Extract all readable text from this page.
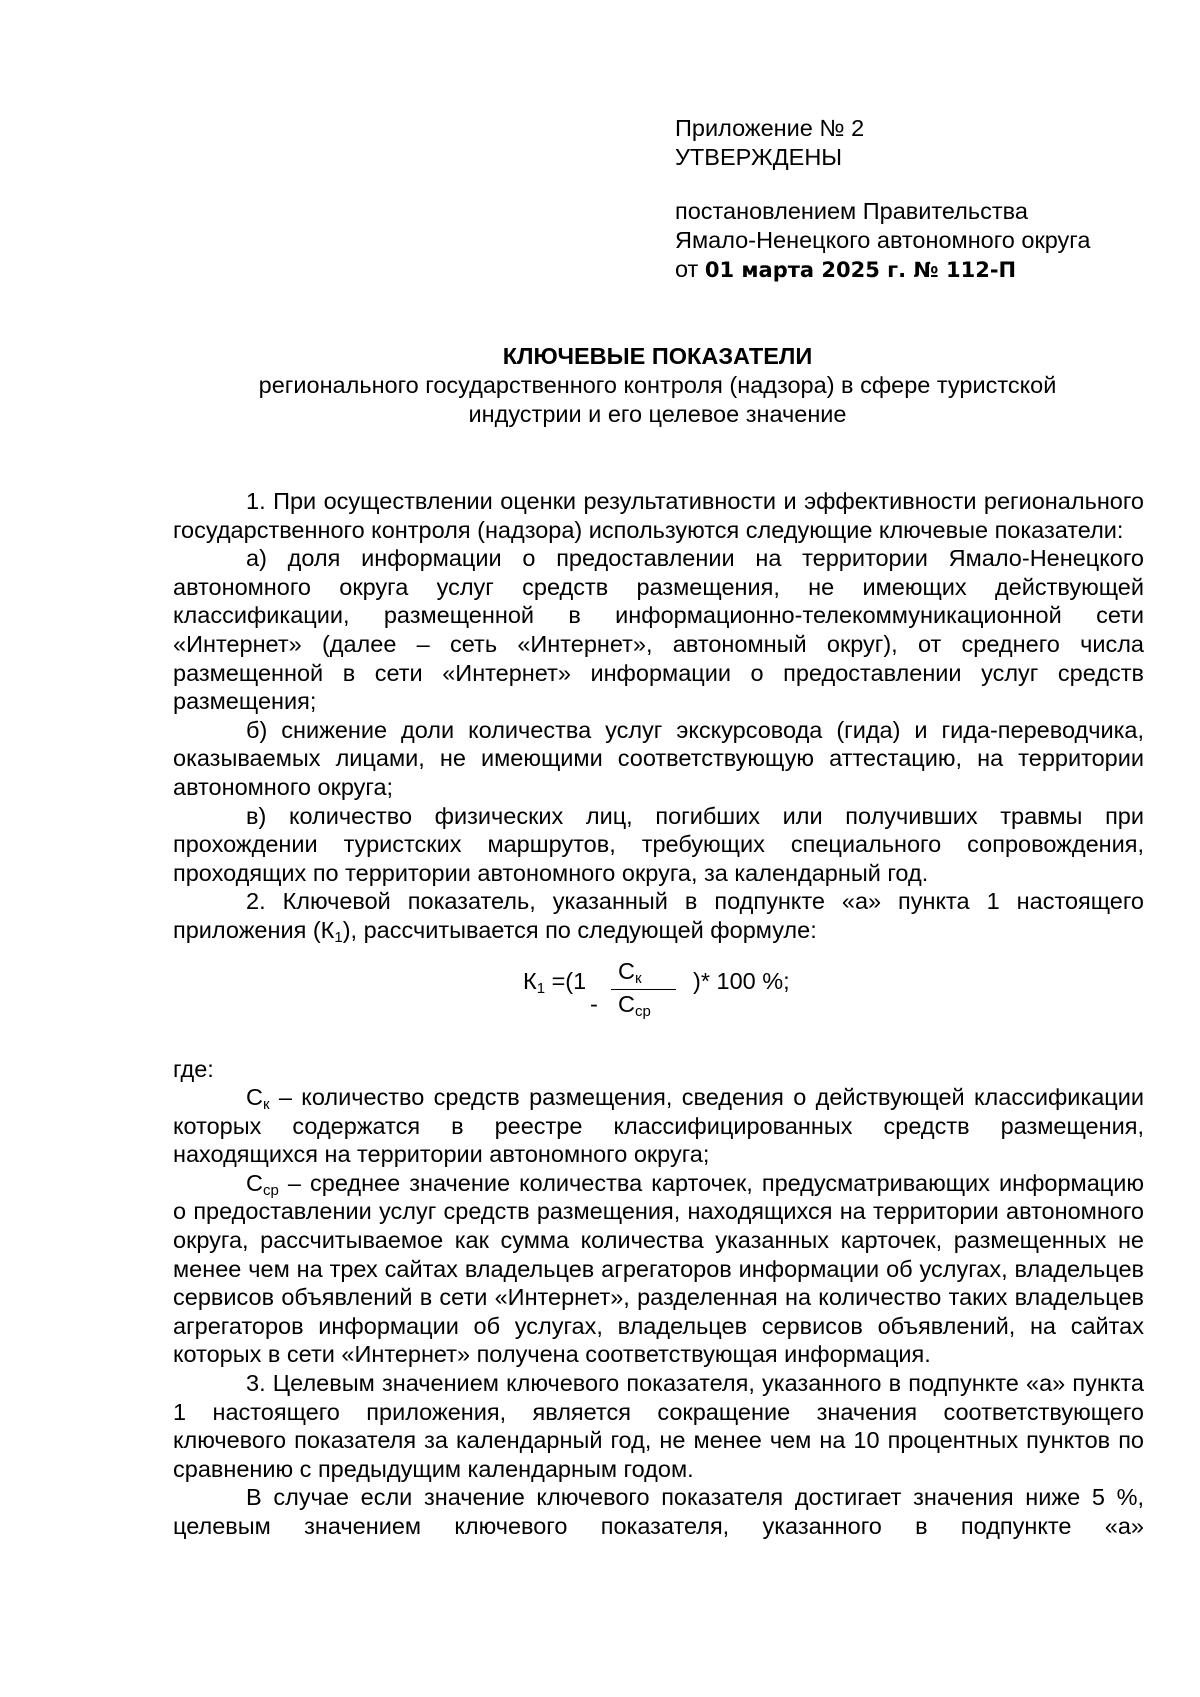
Приложение № 2
УТВЕРЖДЕНЫ
постановлением Правительства
Ямало-Ненецкого автономного округа
от 01 марта 2025 г. № 112-П
КЛЮЧЕВЫЕ ПОКАЗАТЕЛИ
регионального государственного контроля (надзора) в сфере туристской
индустрии и его целевое значение

1. При осуществлении оценки результативности и эффективности регионального государственного контроля (надзора) используются следующие ключевые показатели:

а) доля информации о предоставлении на территории Ямало-Ненецкого автономного округа услуг средств размещения, не имеющих действующей классификации, размещенной в информационно-телекоммуникационной сети «Интернет» (далее – сеть «Интернет», автономный округ), от среднего числа размещенной в сети «Интернет» информации о предоставлении услуг средств размещения;

б) снижение доли количества услуг экскурсовода (гида) и гида-переводчика, оказываемых лицами, не имеющими соответствующую аттестацию, на территории автономного округа;

в) количество физических лиц, погибших или получивших травмы при прохождении туристских маршрутов, требующих специального сопровождения, проходящих по территории автономного округа, за календарный год.

2. Ключевой показатель, указанный в подпункте «а» пункта 1 настоящего приложения $(К_1)$, рассчитывается по следующей формуле:

$К_1 =(1$ $С_к$
- $С_{ср}$
)* 100 %;

где:

$С_к$ – количество средств размещения, сведения о действующей классификации которых содержатся в реестре классифицированных средств размещения, находящихся на территории автономного округа;

$С_{ср}$ – среднее значение количества карточек, предусматривающих информацию о предоставлении услуг средств размещения, находящихся на территории автономного округа, рассчитываемое как сумма количества указанных карточек, размещенных не менее чем на трех сайтах владельцев агрегаторов информации об услугах, владельцев сервисов объявлений в сети «Интернет», разделенная на количество таких владельцев агрегаторов информации об услугах, владельцев сервисов объявлений, на сайтах которых в сети «Интернет» получена соответствующая информация.

3. Целевым значением ключевого показателя, указанного в подпункте «а» пункта 1 настоящего приложения, является сокращение значения соответствующего ключевого показателя за календарный год, не менее чем на 10 процентных пунктов по сравнению с предыдущим календарным годом.

В случае если значение ключевого показателя достигает значения ниже 5 %, целевым значением ключевого показателя, указанного в подпункте «а»
